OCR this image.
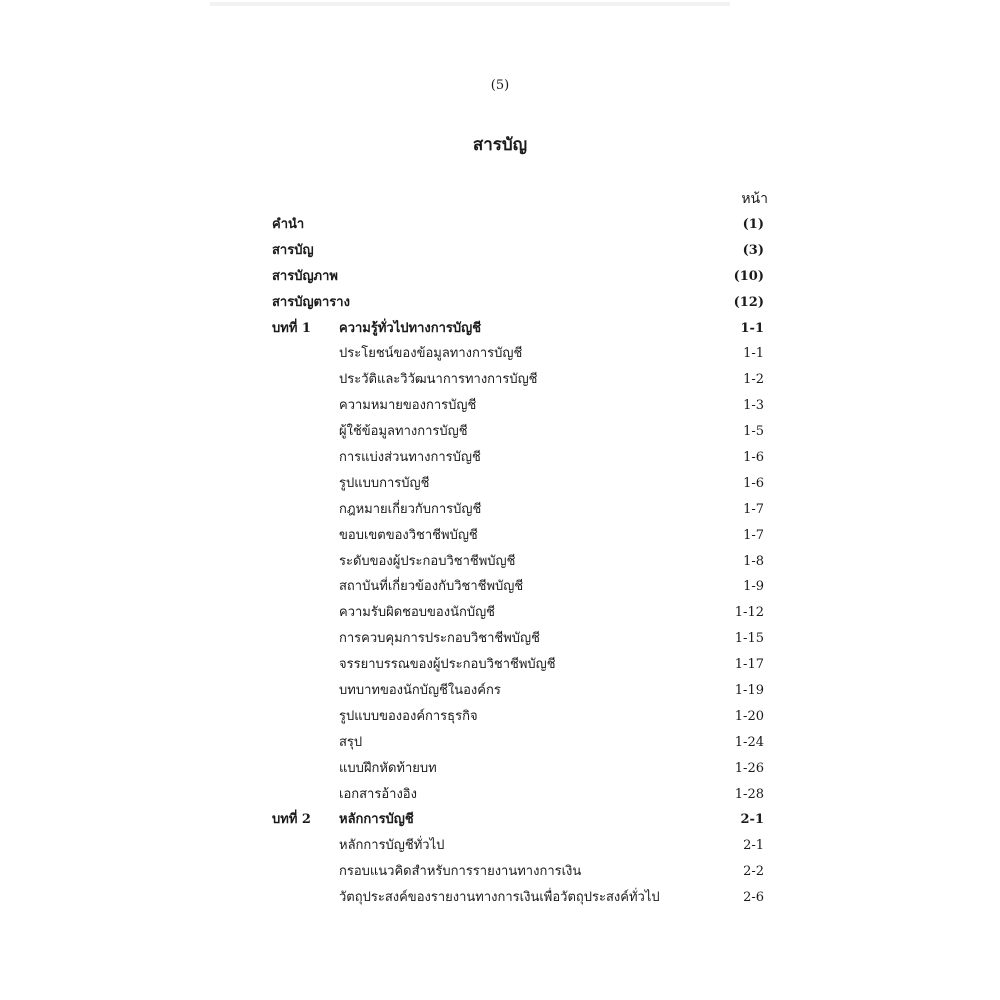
(5)
สารบัญ
หน้า
คำนำ	(1)
สารบัญ	(3)
สารบัญภาพ	(10)
สารบัญตาราง	(12)
บทที่ 1 ความรู้ทั่วไปทางการบัญชี	1-1
ประโยชน์ของข้อมูลทางการบัญชี	1-1
ประวัติและวิวัฒนาการทางการบัญชี	1-2
ความหมายของการบัญชี	1-3
ผู้ใช้ข้อมูลทางการบัญชี	1-5
การแบ่งส่วนทางการบัญชี	1-6
รูปแบบการบัญชี	1-6
กฎหมายเกี่ยวกับการบัญชี	1-7
ขอบเขตของวิชาชีพบัญชี	1-7
ระดับของผู้ประกอบวิชาชีพบัญชี	1-8
สถาบันที่เกี่ยวข้องกับวิชาชีพบัญชี	1-9
ความรับผิดชอบของนักบัญชี	1-12
การควบคุมการประกอบวิชาชีพบัญชี	1-15
จรรยาบรรณของผู้ประกอบวิชาชีพบัญชี	1-17
บทบาทของนักบัญชีในองค์กร	1-19
รูปแบบขององค์การธุรกิจ	1-20
สรุป	1-24
แบบฝึกหัดท้ายบท	1-26
เอกสารอ้างอิง	1-28
บทที่ 2 หลักการบัญชี	2-1
หลักการบัญชีทั่วไป	2-1
กรอบแนวคิดสำหรับการรายงานทางการเงิน	2-2
วัตถุประสงค์ของรายงานทางการเงินเพื่อวัตถุประสงค์ทั่วไป	2-6
